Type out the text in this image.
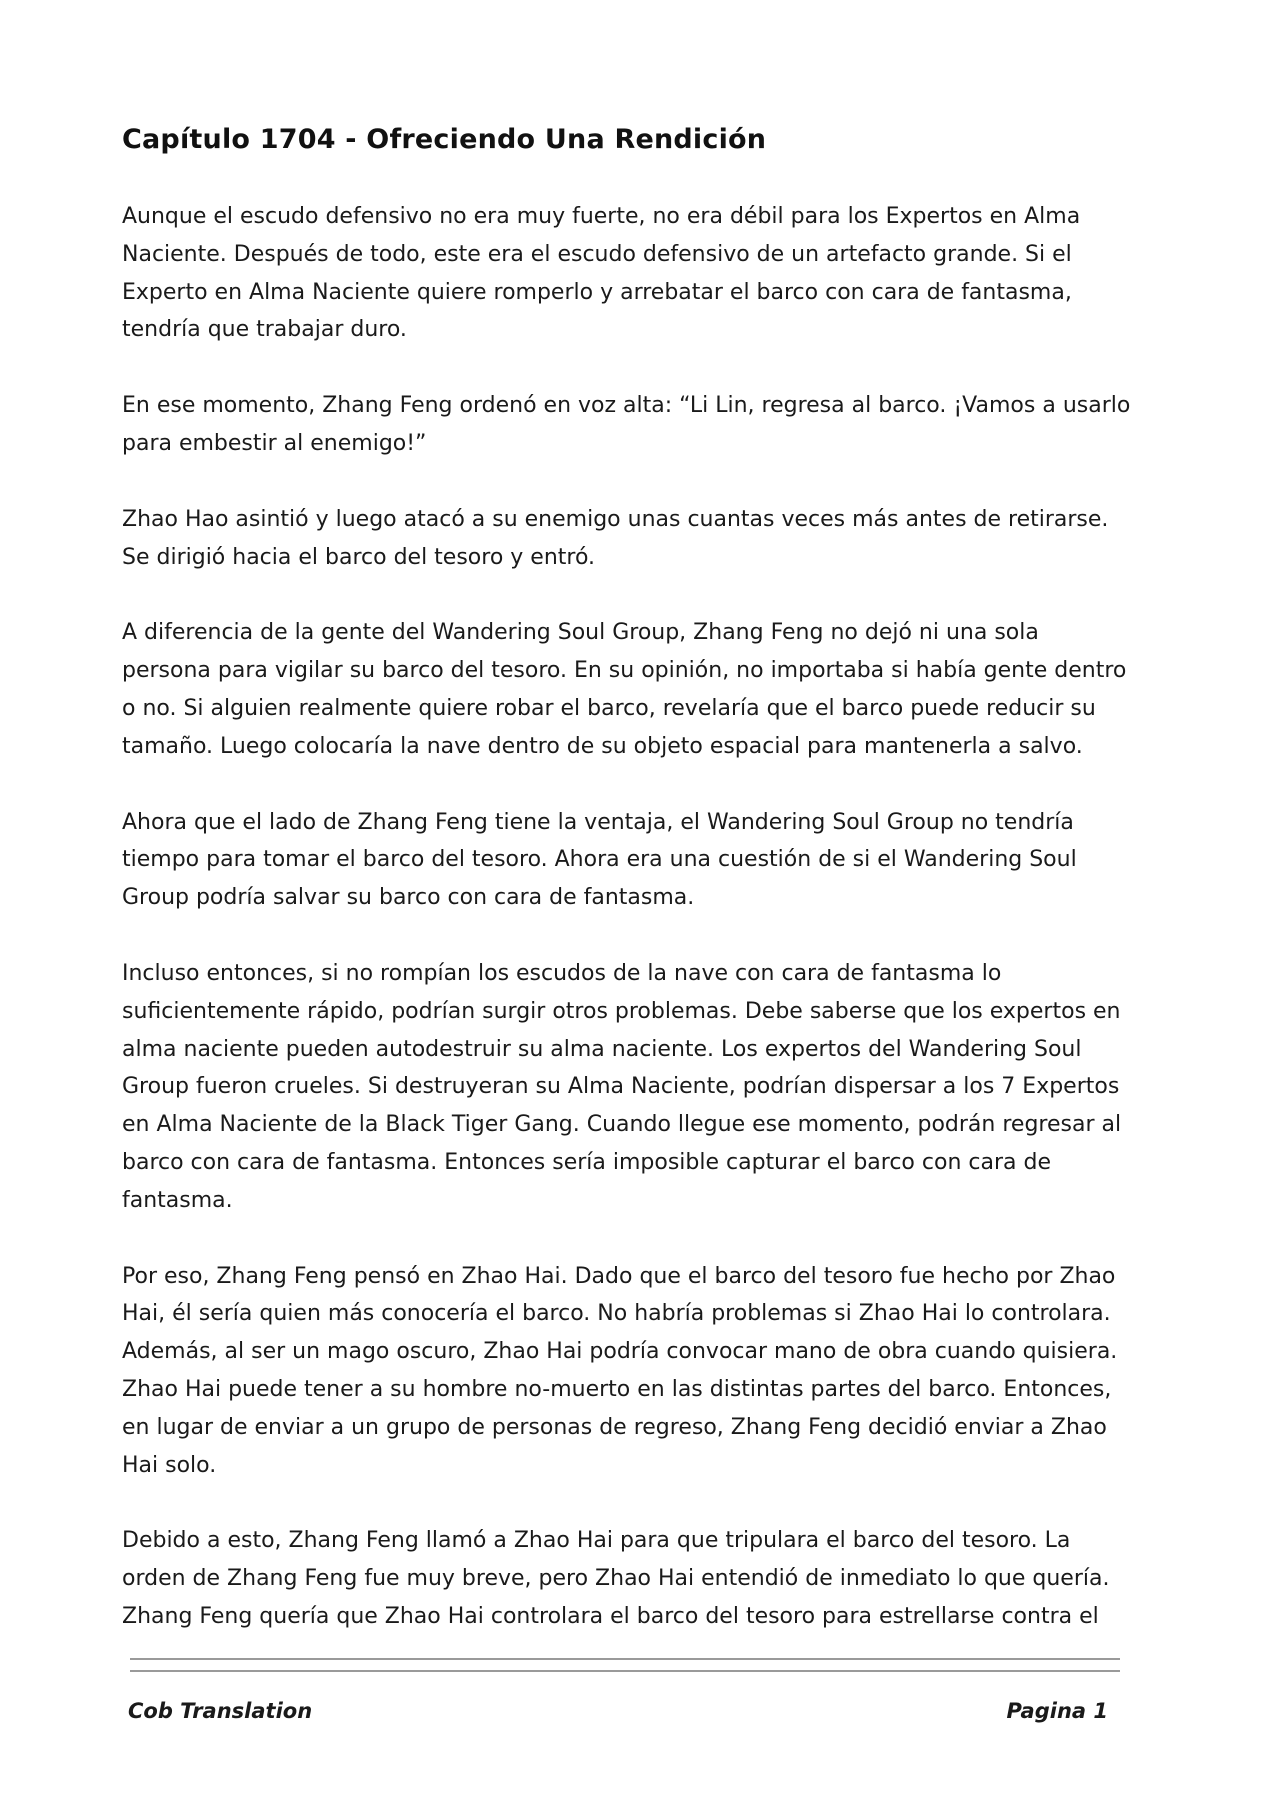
Capítulo 1704 - Ofreciendo Una Rendición

Aunque el escudo defensivo no era muy fuerte, no era débil para los Expertos en Alma Naciente. Después de todo, este era el escudo defensivo de un artefacto grande. Si el Experto en Alma Naciente quiere romperlo y arrebatar el barco con cara de fantasma, tendría que trabajar duro.

En ese momento, Zhang Feng ordenó en voz alta: “Li Lin, regresa al barco. ¡Vamos a usarlo para embestir al enemigo!”

Zhao Hao asintió y luego atacó a su enemigo unas cuantas veces más antes de retirarse. Se dirigió hacia el barco del tesoro y entró.

A diferencia de la gente del Wandering Soul Group, Zhang Feng no dejó ni una sola persona para vigilar su barco del tesoro. En su opinión, no importaba si había gente dentro o no. Si alguien realmente quiere robar el barco, revelaría que el barco puede reducir su tamaño. Luego colocaría la nave dentro de su objeto espacial para mantenerla a salvo.

Ahora que el lado de Zhang Feng tiene la ventaja, el Wandering Soul Group no tendría tiempo para tomar el barco del tesoro. Ahora era una cuestión de si el Wandering Soul Group podría salvar su barco con cara de fantasma.

Incluso entonces, si no rompían los escudos de la nave con cara de fantasma lo suficientemente rápido, podrían surgir otros problemas. Debe saberse que los expertos en alma naciente pueden autodestruir su alma naciente. Los expertos del Wandering Soul Group fueron crueles. Si destruyeran su Alma Naciente, podrían dispersar a los 7 Expertos en Alma Naciente de la Black Tiger Gang. Cuando llegue ese momento, podrán regresar al barco con cara de fantasma. Entonces sería imposible capturar el barco con cara de fantasma.

Por eso, Zhang Feng pensó en Zhao Hai. Dado que el barco del tesoro fue hecho por Zhao Hai, él sería quien más conocería el barco. No habría problemas si Zhao Hai lo controlara. Además, al ser un mago oscuro, Zhao Hai podría convocar mano de obra cuando quisiera. Zhao Hai puede tener a su hombre no-muerto en las distintas partes del barco. Entonces, en lugar de enviar a un grupo de personas de regreso, Zhang Feng decidió enviar a Zhao Hai solo.

Debido a esto, Zhang Feng llamó a Zhao Hai para que tripulara el barco del tesoro. La orden de Zhang Feng fue muy breve, pero Zhao Hai entendió de inmediato lo que quería. Zhang Feng quería que Zhao Hai controlara el barco del tesoro para estrellarse contra el

Cob Translation	Pagina 1
